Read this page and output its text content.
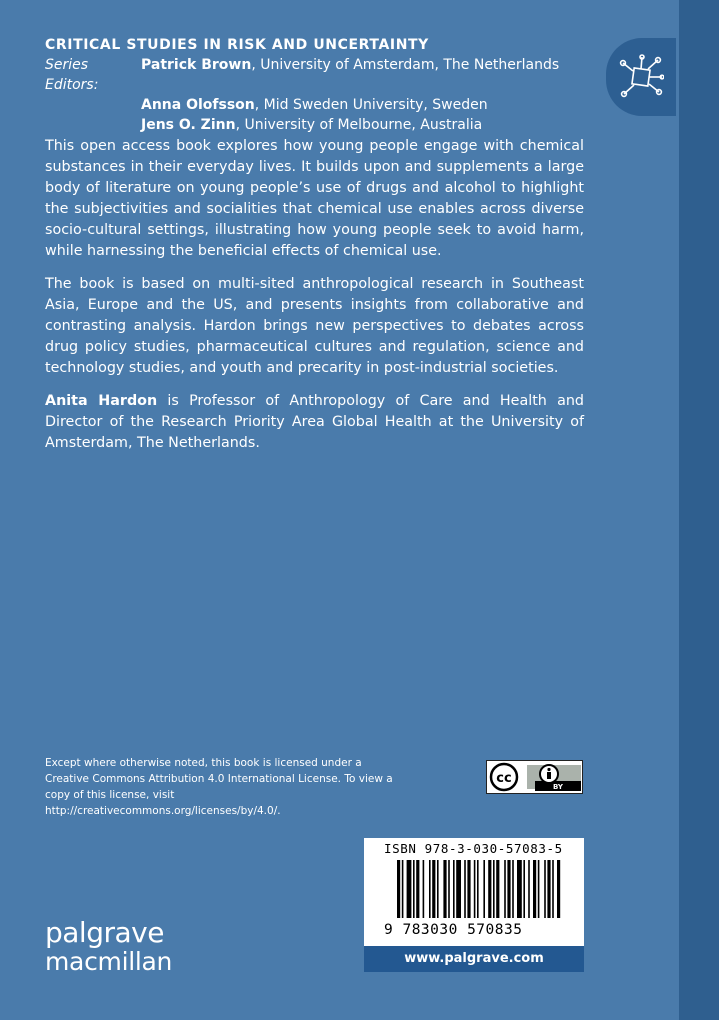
CRITICAL STUDIES IN RISK AND UNCERTAINTY
Series Editors:
Patrick Brown, University of Amsterdam, The Netherlands
Anna Olofsson, Mid Sweden University, Sweden
Jens O. Zinn, University of Melbourne, Australia

This open access book explores how young people engage with chemical substances in their everyday lives. It builds upon and supplements a large body of literature on young people’s use of drugs and alcohol to highlight the subjectivities and socialities that chemical use enables across diverse socio-cultural settings, illustrating how young people seek to avoid harm, while harnessing the beneficial effects of chemical use.

The book is based on multi-sited anthropological research in Southeast Asia, Europe and the US, and presents insights from collaborative and contrasting analysis. Hardon brings new perspectives to debates across drug policy studies, pharmaceutical cultures and regulation, science and technology studies, and youth and precarity in post-industrial societies.

Anita Hardon is Professor of Anthropology of Care and Health and Director of the Research Priority Area Global Health at the University of Amsterdam, The Netherlands.

Except where otherwise noted, this book is licensed under a Creative Commons Attribution 4.0 International License. To view a copy of this license, visit http://creativecommons.org/licenses/by/4.0/.
cc
BY
ISBN 978-3-030-57083-5
9 783030 570835
www.palgrave.com
palgrave
macmillan
